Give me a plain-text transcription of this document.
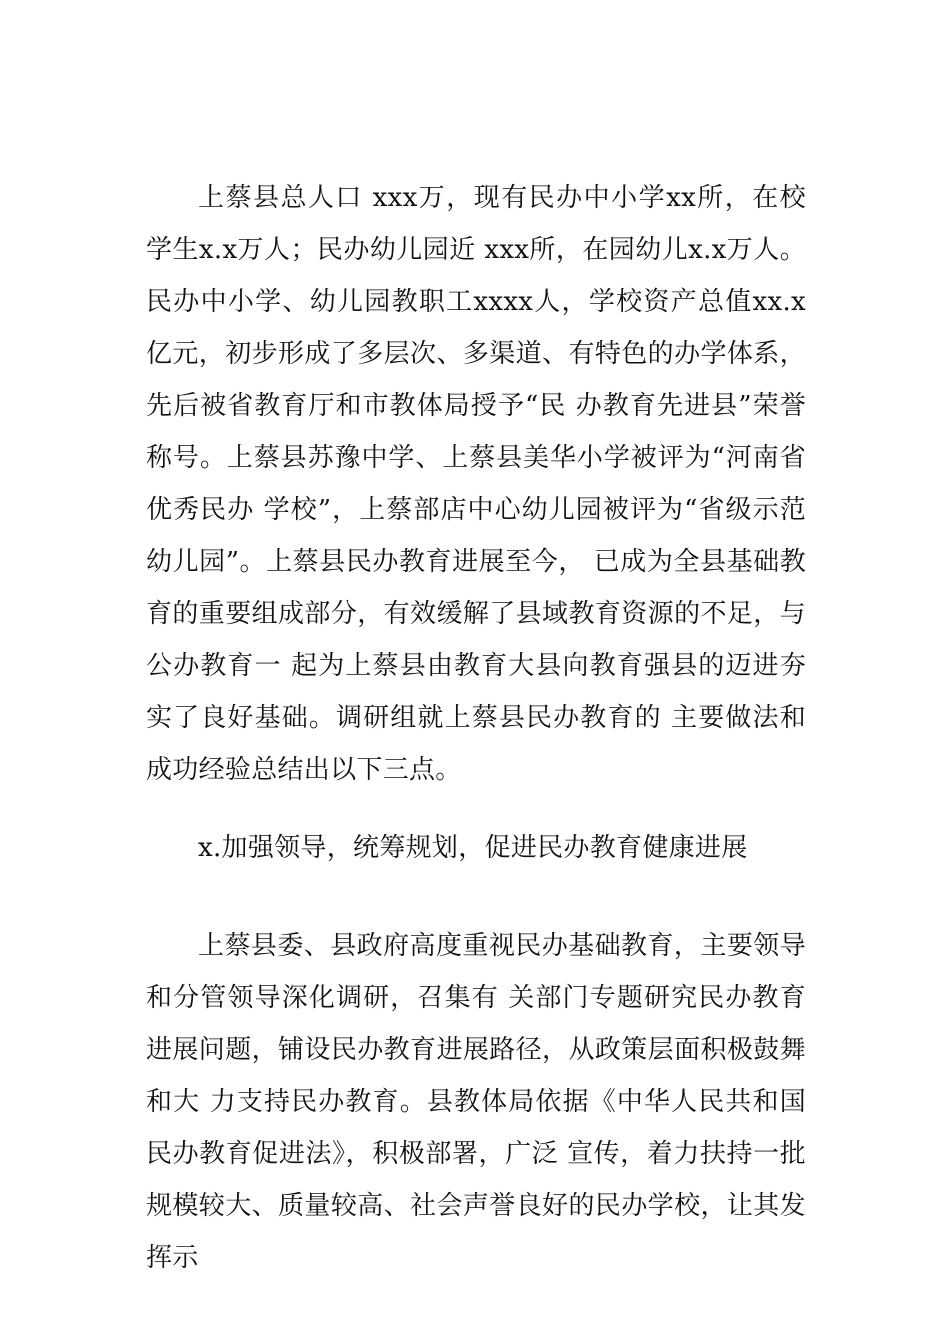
上蔡县总人口 xxx万，现有民办中小学xx所，在校学生x.x万人；民办幼儿园近 xxx所，在园幼儿x.x万人。民办中小学、幼儿园教职工xxxx人，学校资产总值xx.x亿元，初步形成了多层次、多渠道、有特色的办学体系，先后被省教育厅和市教体局授予“民 办教育先进县”荣誉称号。上蔡县苏豫中学、上蔡县美华小学被评为“河南省优秀民办 学校”，上蔡部店中心幼儿园被评为“省级示范幼儿园”。上蔡县民办教育进展至今， 已成为全县基础教育的重要组成部分，有效缓解了县域教育资源的不足，与公办教育一 起为上蔡县由教育大县向教育强县的迈进夯实了良好基础。调研组就上蔡县民办教育的 主要做法和成功经验总结出以下三点。

x.加强领导，统筹规划，促进民办教育健康进展

上蔡县委、县政府高度重视民办基础教育，主要领导和分管领导深化调研，召集有 关部门专题研究民办教育进展问题，铺设民办教育进展路径，从政策层面积极鼓舞和大 力支持民办教育。县教体局依据《中华人民共和国民办教育促进法》，积极部署，广泛 宣传，着力扶持一批规模较大、质量较高、社会声誉良好的民办学校，让其发挥示
